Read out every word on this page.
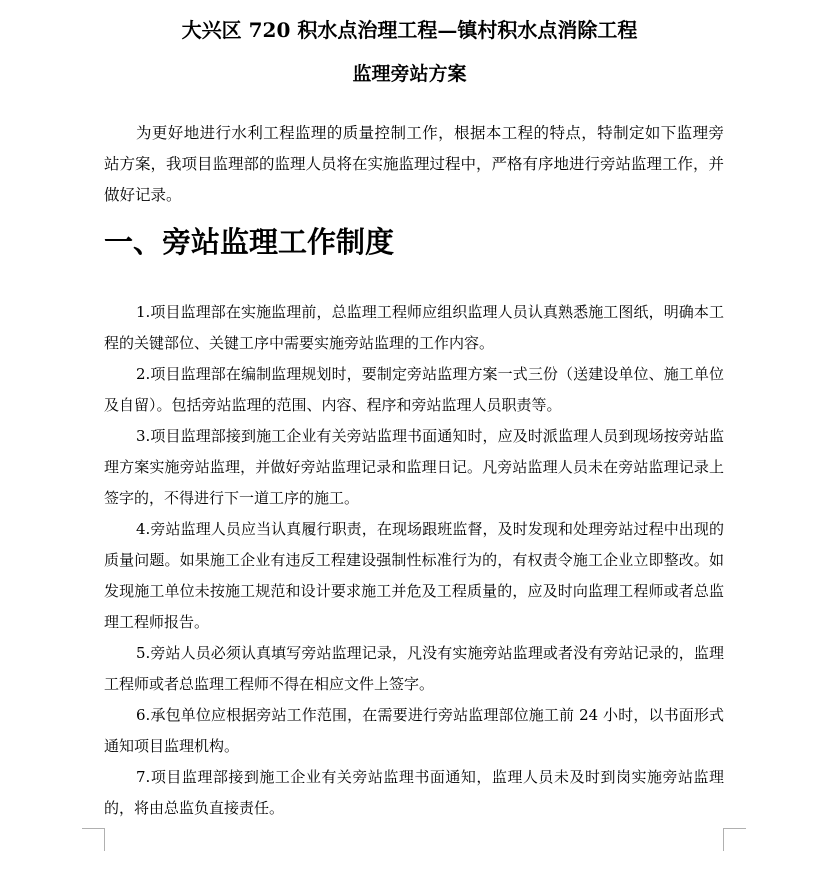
大兴区 720 积水点治理工程—镇村积水点消除工程
监理旁站方案

为更好地进行水利工程监理的质量控制工作，根据本工程的特点，特制定如下监理旁站方案，我项目监理部的监理人员将在实施监理过程中，严格有序地进行旁站监理工作，并做好记录。

一、旁站监理工作制度

1.项目监理部在实施监理前，总监理工程师应组织监理人员认真熟悉施工图纸，明确本工程的关键部位、关键工序中需要实施旁站监理的工作内容。

2.项目监理部在编制监理规划时，要制定旁站监理方案一式三份（送建设单位、施工单位及自留）。包括旁站监理的范围、内容、程序和旁站监理人员职责等。

3.项目监理部接到施工企业有关旁站监理书面通知时，应及时派监理人员到现场按旁站监理方案实施旁站监理，并做好旁站监理记录和监理日记。凡旁站监理人员未在旁站监理记录上签字的，不得进行下一道工序的施工。

4.旁站监理人员应当认真履行职责，在现场跟班监督，及时发现和处理旁站过程中出现的质量问题。如果施工企业有违反工程建设强制性标准行为的，有权责令施工企业立即整改。如发现施工单位未按施工规范和设计要求施工并危及工程质量的，应及时向监理工程师或者总监理工程师报告。

5.旁站人员必须认真填写旁站监理记录，凡没有实施旁站监理或者没有旁站记录的，监理工程师或者总监理工程师不得在相应文件上签字。

6.承包单位应根据旁站工作范围，在需要进行旁站监理部位施工前 24 小时，以书面形式通知项目监理机构。

7.项目监理部接到施工企业有关旁站监理书面通知，监理人员未及时到岗实施旁站监理的，将由总监负直接责任。
